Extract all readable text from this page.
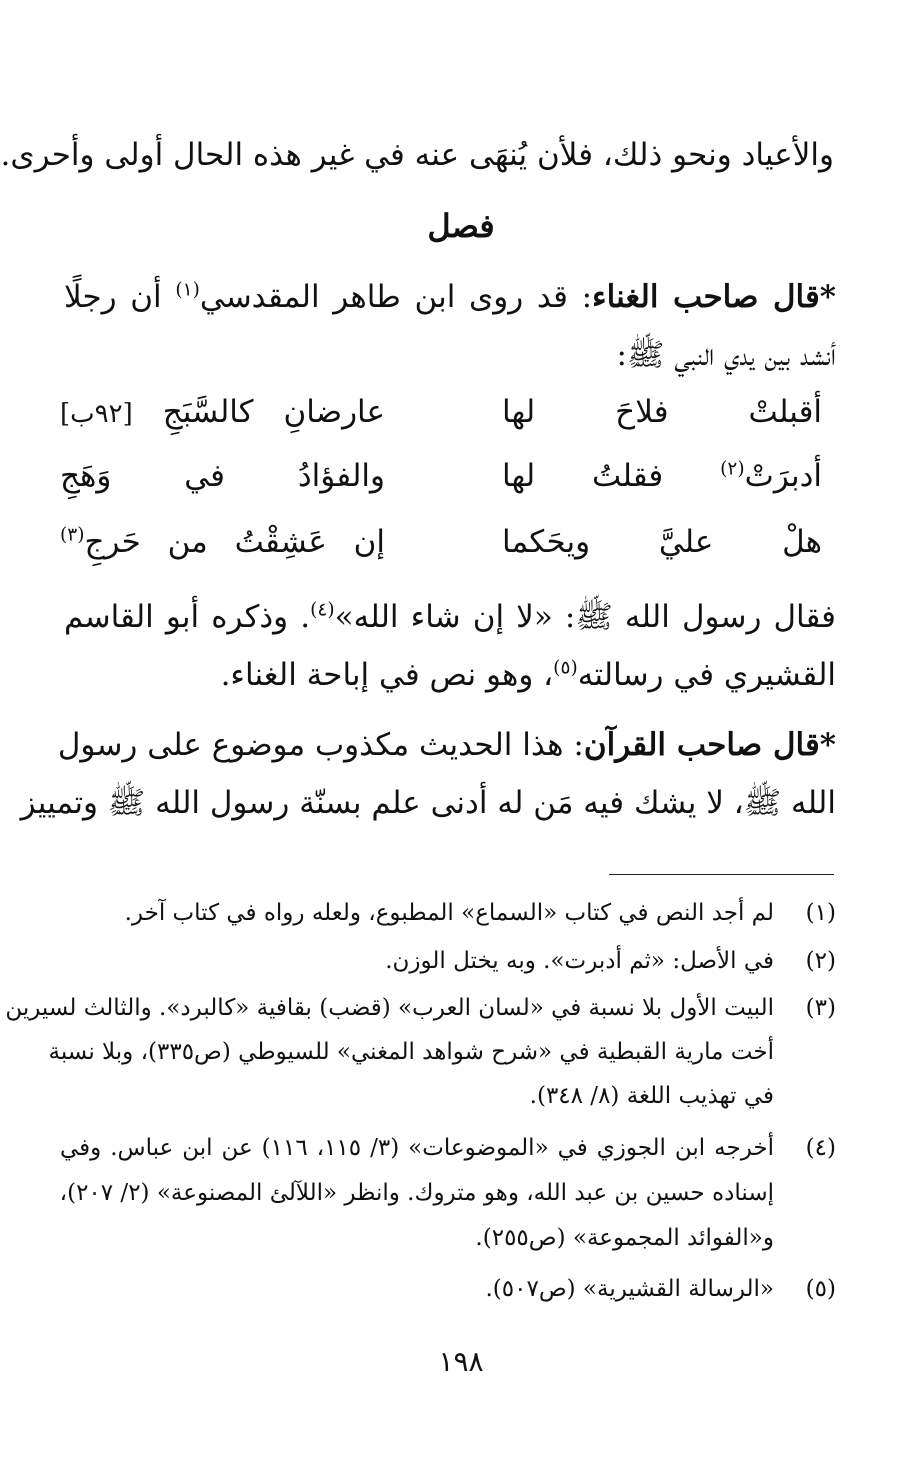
والأعياد ونحو ذلك، فلأن يُنهَى عنه في غير هذه الحال أولى وأحرى.
فصل
*قال صاحب الغناء: قد روى ابن طاهر المقدسي$^{(١)}$ أن رجلًا
أنشد بين يدي النبي ﷺ:
أقبلتْ فلاحَ لها
عارضانِ كالسَّبَجِ [٩٢ب]
أدبرَتْ$^{(٢)}$ فقلتُ لها
والفؤادُ في وَهَجِ
هلْ عليَّ ويحَكما
إن عَشِقْتُ من حَرجِ$^{(٣)}$
فقال رسول الله ﷺ: «لا إن شاء الله»$^{(٤)}$. وذكره أبو القاسم
القشيري في رسالته$^{(٥)}$، وهو نص في إباحة الغناء.
*قال صاحب القرآن: هذا الحديث مكذوب موضوع على رسول
الله ﷺ، لا يشك فيه مَن له أدنى علم بسنّة رسول الله ﷺ وتمييز
(١)
لم أجد النص في كتاب «السماع» المطبوع، ولعله رواه في كتاب آخر.
(٢)
في الأصل: «ثم أدبرت». وبه يختل الوزن.
(٣)
البيت الأول بلا نسبة في «لسان العرب» (قضب) بقافية «كالبرد». والثالث لسيرين
أخت مارية القبطية في «شرح شواهد المغني» للسيوطي (ص٣٣٥)، وبلا نسبة
في تهذيب اللغة (٨/ ٣٤٨).
(٤)
أخرجه ابن الجوزي في «الموضوعات» (٣/ ١١٥، ١١٦) عن ابن عباس. وفي
إسناده حسين بن عبد الله، وهو متروك. وانظر «اللآلئ المصنوعة» (٢/ ٢٠٧)،
و«الفوائد المجموعة» (ص٢٥٥).
(٥)
«الرسالة القشيرية» (ص٥٠٧).
١٩٨
